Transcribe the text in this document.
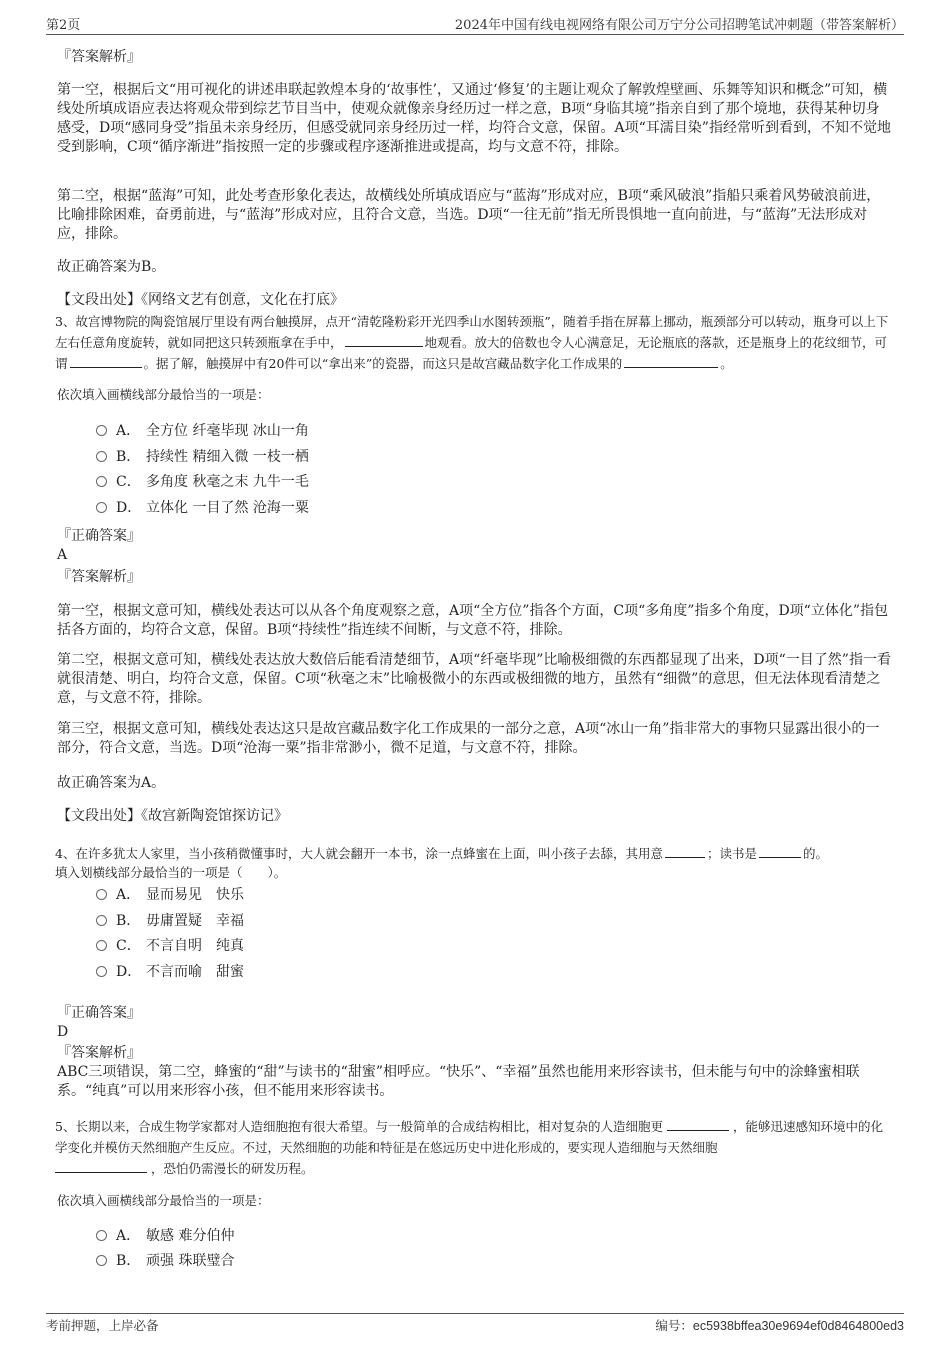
第2页	2024年中国有线电视网络有限公司万宁分公司招聘笔试冲刺题（带答案解析）
『答案解析』

第一空，根据后文“用可视化的讲述串联起敦煌本身的‘故事性’，又通过‘修复’的主题让观众了解敦煌壁画、乐舞等知识和概念”可知，横线处所填成语应表达将观众带到综艺节目当中，使观众就像亲身经历过一样之意，B项“身临其境”指亲自到了那个境地，获得某种切身感受，D项“感同身受”指虽未亲身经历，但感受就同亲身经历过一样，均符合文意，保留。A项“耳濡目染”指经常听到看到，不知不觉地受到影响，C项“循序渐进”指按照一定的步骤或程序逐渐推进或提高，均与文意不符，排除。

第二空，根据“蓝海”可知，此处考查形象化表达，故横线处所填成语应与“蓝海”形成对应，B项“乘风破浪”指船只乘着风势破浪前进，比喻排除困难，奋勇前进，与“蓝海”形成对应，且符合文意，当选。D项“一往无前”指无所畏惧地一直向前进，与“蓝海”无法形成对应，排除。

故正确答案为B。
【文段出处】《网络文艺有创意，文化在打底》

3、故宫博物院的陶瓷馆展厅里设有两台触摸屏，点开“清乾隆粉彩开光四季山水图转颈瓶”，随着手指在屏幕上挪动，瓶颈部分可以转动，瓶身可以上下左右任意角度旋转，就如同把这只转颈瓶拿在手中，	地观看。放大的倍数也令人心满意足，无论瓶底的落款，还是瓶身上的花纹细节，可谓	。据了解，触摸屏中有20件可以“拿出来”的瓷器，而这只是故宫藏品数字化工作成果的	。

依次填入画横线部分最恰当的一项是：
A． 全方位 纤毫毕现 冰山一角
B． 持续性 精细入微 一枝一栖
C． 多角度 秋毫之末 九牛一毛
D． 立体化 一目了然 沧海一粟
『正确答案』
A
『答案解析』

第一空，根据文意可知，横线处表达可以从各个角度观察之意，A项“全方位”指各个方面，C项“多角度”指多个角度，D项“立体化”指包括各方面的，均符合文意，保留。B项“持续性”指连续不间断，与文意不符，排除。

第二空，根据文意可知，横线处表达放大数倍后能看清楚细节，A项“纤毫毕现”比喻极细微的东西都显现了出来，D项“一目了然”指一看就很清楚、明白，均符合文意，保留。C项“秋毫之末”比喻极微小的东西或极细微的地方，虽然有“细微”的意思，但无法体现看清楚之意，与文意不符，排除。

第三空，根据文意可知，横线处表达这只是故宫藏品数字化工作成果的一部分之意，A项“冰山一角”指非常大的事物只显露出很小的一部分，符合文意，当选。D项“沧海一粟”指非常渺小，微不足道，与文意不符，排除。

故正确答案为A。
【文段出处】《故宫新陶瓷馆探访记》

4、在许多犹太人家里，当小孩稍微懂事时，大人就会翻开一本书，涂一点蜂蜜在上面，叫小孩子去舔，其用意	；读书是	的。

填入划横线部分最恰当的一项是（　　）。
A． 显而易见　快乐
B． 毋庸置疑　幸福
C． 不言自明　纯真
D． 不言而喻　甜蜜
『正确答案』
D
『答案解析』

ABC三项错误，第二空，蜂蜜的“甜”与读书的“甜蜜”相呼应。“快乐”、“幸福”虽然也能用来形容读书，但未能与句中的涂蜂蜜相联系。“纯真”可以用来形容小孩，但不能用来形容读书。

5、长期以来，合成生物学家都对人造细胞抱有很大希望。与一般简单的合成结构相比，相对复杂的人造细胞更	，能够迅速感知环境中的化学变化并模仿天然细胞产生反应。不过，天然细胞的功能和特征是在悠远历史中进化形成的，要实现人造细胞与天然细胞
，恐怕仍需漫长的研发历程。

依次填入画横线部分最恰当的一项是：
A． 敏感 难分伯仲
B． 顽强 珠联璧合
考前押题，上岸必备	编号：ec5938bffea30e9694ef0d8464800ed3
